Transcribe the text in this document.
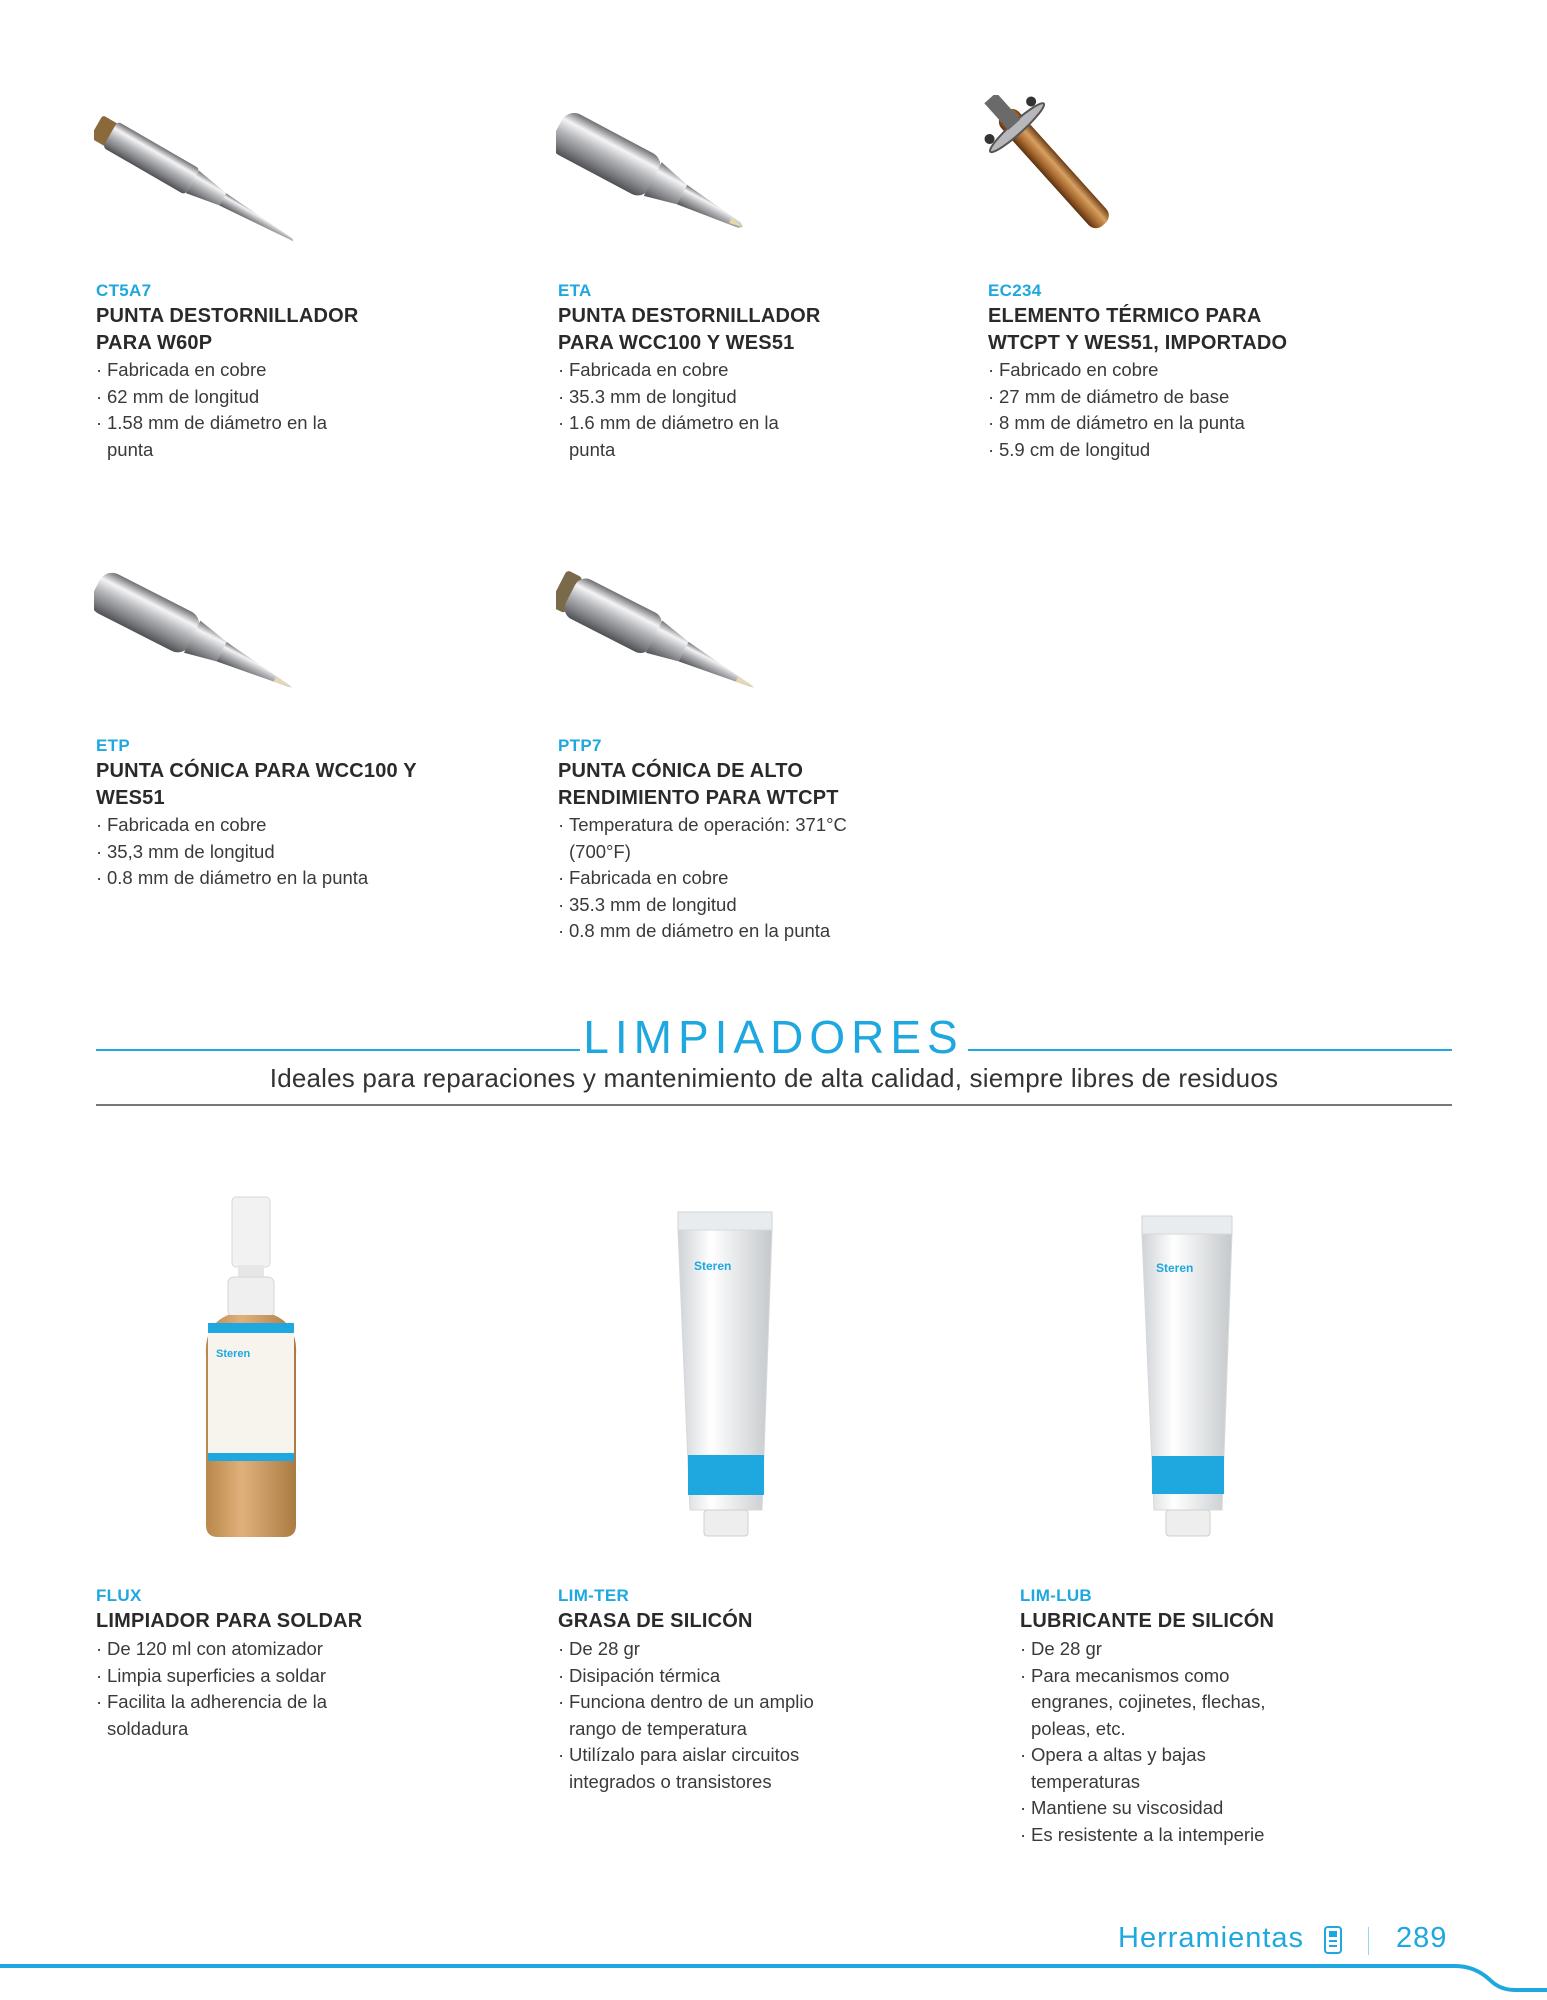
CT5A7
PUNTA DESTORNILLADOR
PARA W60P
· Fabricada en cobre
· 62 mm de longitud
· 1.58 mm de diámetro en la punta
ETA
PUNTA DESTORNILLADOR
PARA WCC100 Y WES51
· Fabricada en cobre
· 35.3 mm de longitud
· 1.6 mm de diámetro en la punta
EC234
ELEMENTO TÉRMICO PARA
WTCPT Y WES51, IMPORTADO
· Fabricado en cobre
· 27 mm de diámetro de base
· 8 mm de diámetro en la punta
· 5.9 cm de longitud
ETP
PUNTA CÓNICA PARA WCC100 Y
WES51
· Fabricada en cobre
· 35,3 mm de longitud
· 0.8 mm de diámetro en la punta
PTP7
PUNTA CÓNICA DE ALTO
RENDIMIENTO PARA WTCPT
· Temperatura de operación: 371°C (700°F)
· Fabricada en cobre
· 35.3 mm de longitud
· 0.8 mm de diámetro en la punta
LIMPIADORES
Ideales para reparaciones y mantenimiento de alta calidad, siempre libres de residuos
Steren
FLUX
LIMPIADOR PARA SOLDAR
· De 120 ml con atomizador
· Limpia superficies a soldar
· Facilita la adherencia de la soldadura
Steren
LIM-TER
GRASA DE SILICÓN
· De 28 gr
· Disipación térmica
· Funciona dentro de un amplio rango de temperatura
· Utilízalo para aislar circuitos integrados o transistores
Steren
LIM-LUB
LUBRICANTE DE SILICÓN
· De 28 gr
· Para mecanismos como engranes, cojinetes, flechas, poleas, etc.
· Opera a altas y bajas temperaturas
· Mantiene su viscosidad
· Es resistente a la intemperie
Herramientas	289
